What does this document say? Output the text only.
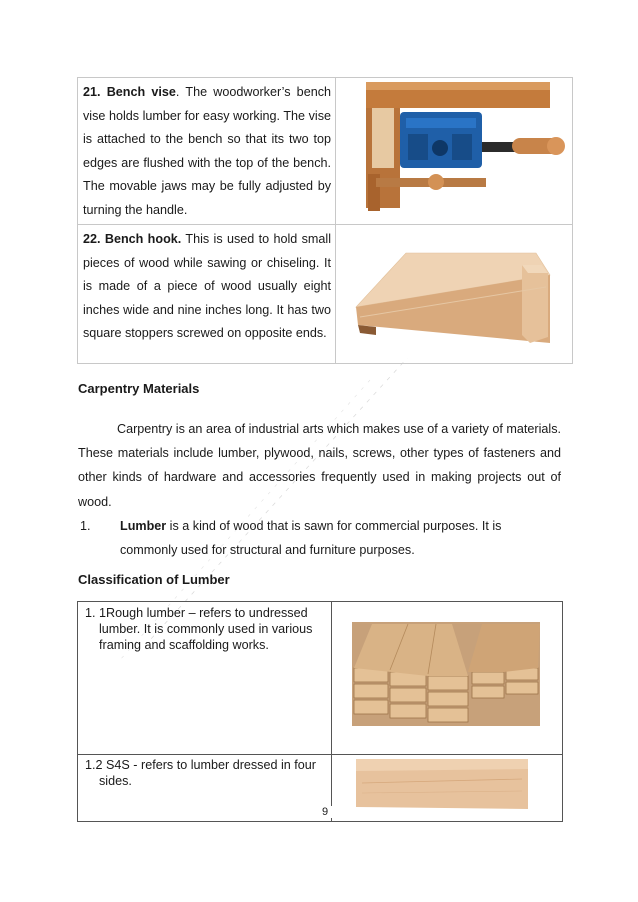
21. Bench vise. The woodworker’s bench vise holds lumber for easy working. The vise is attached to the bench so that its two top edges are flushed with the top of the bench. The movable jaws may be fully adjusted by turning the handle.	

22. Bench hook. This is used to hold small pieces of wood while sawing or chiseling. It is made of a piece of wood usually eight inches wide and nine inches long. It has two square stoppers screwed on opposite ends.	
Carpentry Materials

Carpentry is an area of industrial arts which makes use of a variety of materials. These materials include lumber, plywood, nails, screws, other types of fasteners and other kinds of hardware and accessories frequently used in making projects out of wood.

1. Lumber is a kind of wood that is sawn for commercial purposes. It is commonly used for structural and furniture purposes.
Classification of Lumber
1. 1Rough lumber – refers to undressed lumber. It is commonly used in various framing and scaffolding works.

1.2 S4S - refers to lumber dressed in four sides.

9
